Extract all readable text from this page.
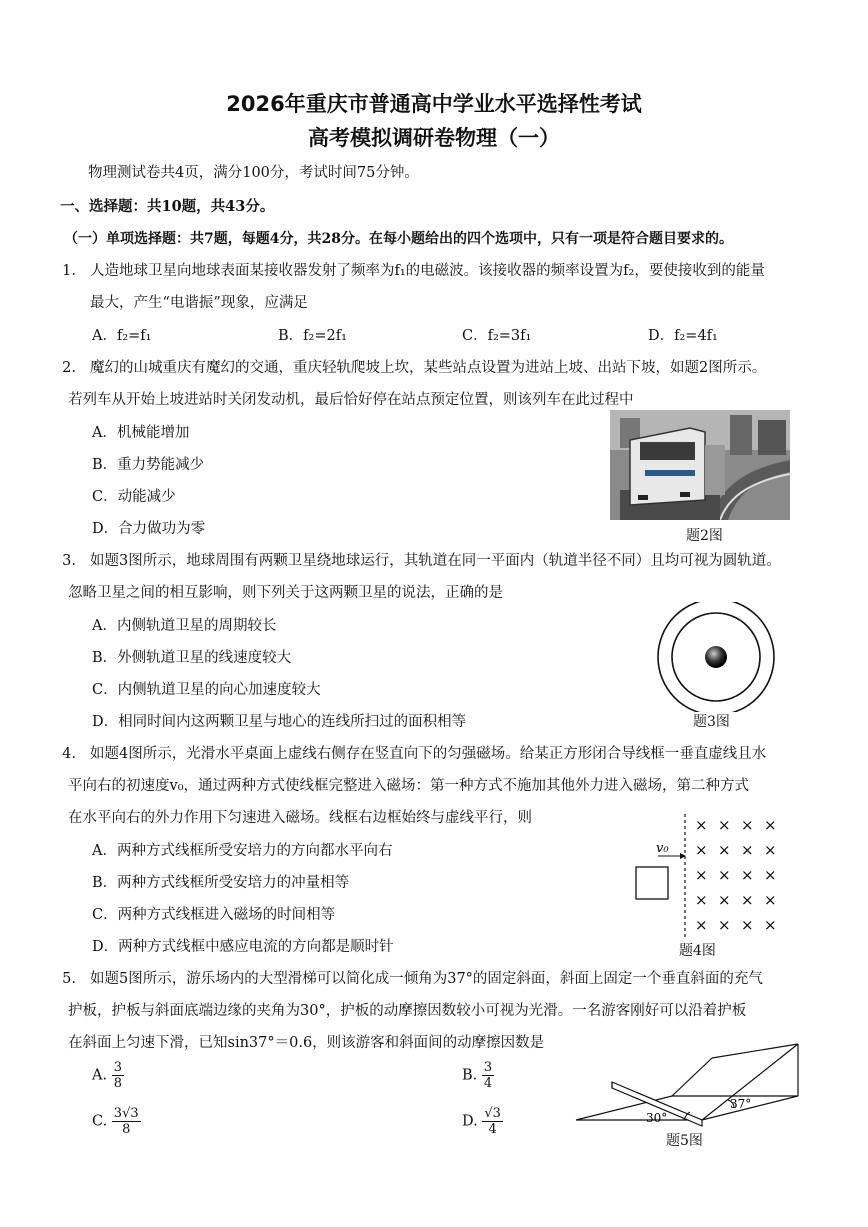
2026年重庆市普通高中学业水平选择性考试
高考模拟调研卷物理（一）
物理测试卷共4页，满分100分，考试时间75分钟。
一、选择题：共10题，共43分。
（一）单项选择题：共7题，每题4分，共28分。在每小题给出的四个选项中，只有一项是符合题目要求的。
1. 人造地球卫星向地球表面某接收器发射了频率为f₁的电磁波。该接收器的频率设置为f₂，要使接收到的能量
最大，产生“电谐振”现象，应满足
A．f₂=f₁	B．f₂=2f₁	C．f₂=3f₁	D．f₂=4f₁
2. 魔幻的山城重庆有魔幻的交通，重庆轻轨爬坡上坎，某些站点设置为进站上坡、出站下坡，如题2图所示。
若列车从开始上坡进站时关闭发动机，最后恰好停在站点预定位置，则该列车在此过程中
A．机械能增加
B．重力势能减少
C．动能减少
D．合力做功为零	题2图
3. 如题3图所示，地球周围有两颗卫星绕地球运行，其轨道在同一平面内（轨道半径不同）且均可视为圆轨道。
忽略卫星之间的相互影响，则下列关于这两颗卫星的说法，正确的是
A．内侧轨道卫星的周期较长
B．外侧轨道卫星的线速度较大
C．内侧轨道卫星的向心加速度较大
D．相同时间内这两颗卫星与地心的连线所扫过的面积相等	题3图
4. 如题4图所示，光滑水平桌面上虚线右侧存在竖直向下的匀强磁场。给某正方形闭合导线框一垂直虚线且水
平向右的初速度v₀，通过两种方式使线框完整进入磁场：第一种方式不施加其他外力进入磁场，第二种方式
在水平向右的外力作用下匀速进入磁场。线框右边框始终与虚线平行，则
A．两种方式线框所受安培力的方向都水平向右
B．两种方式线框所受安培力的冲量相等
C．两种方式线框进入磁场的时间相等
D．两种方式线框中感应电流的方向都是顺时针
v₀
× × × ×
× × × ×
× × × ×
× × × ×
× × × ×
题4图
5. 如题5图所示，游乐场内的大型滑梯可以简化成一倾角为37°的固定斜面，斜面上固定一个垂直斜面的充气
护板，护板与斜面底端边缘的夹角为30°，护板的动摩擦因数较小可视为光滑。一名游客刚好可以沿着护板
在斜面上匀速下滑，已知sin37°＝0.6，则该游客和斜面间的动摩擦因数是
A. $\frac{3}{8}$	B. $\frac{3}{4}$
C. $\frac{3√3}{8}$	D. $\frac{√3}{4}$	30°
37°
题5图
